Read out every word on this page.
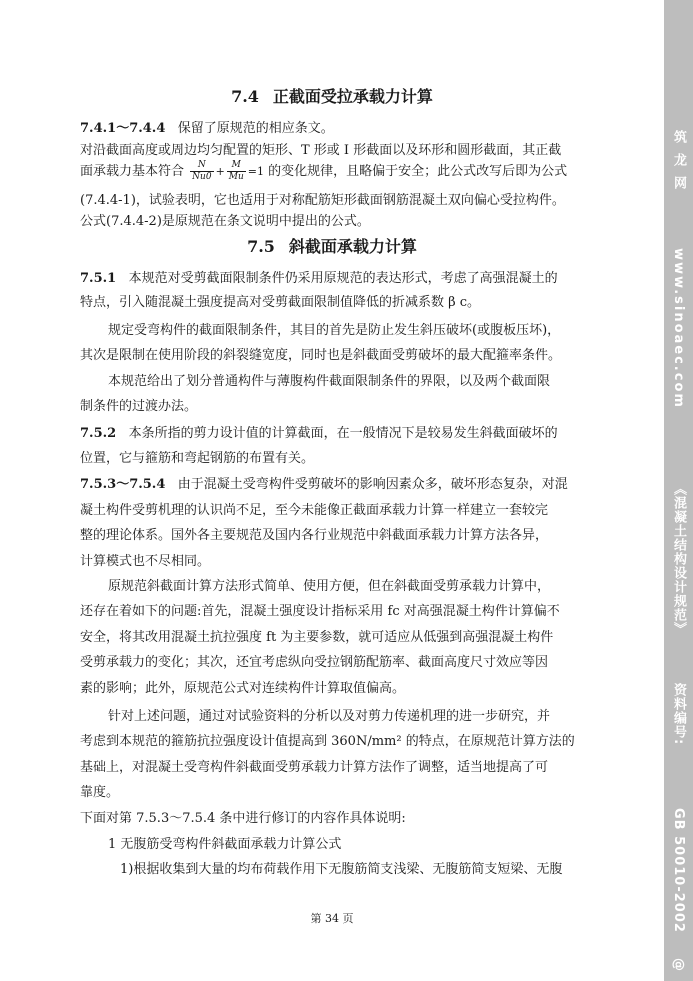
7.4 正截面受拉承载力计算
7.4.1～7.4.4 保留了原规范的相应条文。
对沿截面高度或周边均匀配置的矩形、T 形或 I 形截面以及环形和圆形截面，其正截
面承载力基本符合 $\frac{N}{Nu0} + \frac{M}{Mu} =1$ 的变化规律，且略偏于安全；此公式改写后即为公式
(7.4.4-1)，试验表明，它也适用于对称配筋矩形截面钢筋混凝土双向偏心受拉构件。
公式(7.4.4-2)是原规范在条文说明中提出的公式。
7.5 斜截面承载力计算
7.5.1 本规范对受剪截面限制条件仍采用原规范的表达形式，考虑了高强混凝土的
特点，引入随混凝土强度提高对受剪截面限制值降低的折减系数 β c。
规定受弯构件的截面限制条件，其目的首先是防止发生斜压破坏(或腹板压坏)，
其次是限制在使用阶段的斜裂缝宽度，同时也是斜截面受剪破坏的最大配箍率条件。
本规范给出了划分普通构件与薄腹构件截面限制条件的界限，以及两个截面限
制条件的过渡办法。
7.5.2 本条所指的剪力设计值的计算截面，在一般情况下是较易发生斜截面破坏的
位置，它与箍筋和弯起钢筋的布置有关。
7.5.3～7.5.4 由于混凝土受弯构件受剪破坏的影响因素众多，破坏形态复杂，对混
凝土构件受剪机理的认识尚不足，至今未能像正截面承载力计算一样建立一套较完
整的理论体系。国外各主要规范及国内各行业规范中斜截面承载力计算方法各异，
计算模式也不尽相同。
原规范斜截面计算方法形式简单、使用方便，但在斜截面受剪承载力计算中，
还存在着如下的问题:首先，混凝土强度设计指标采用 fc 对高强混凝土构件计算偏不
安全，将其改用混凝土抗拉强度 ft 为主要参数，就可适应从低强到高强混凝土构件
受剪承载力的变化；其次，还宜考虑纵向受拉钢筋配筋率、截面高度尺寸效应等因
素的影响；此外，原规范公式对连续构件计算取值偏高。
针对上述问题，通过对试验资料的分析以及对剪力传递机理的进一步研究，并
考虑到本规范的箍筋抗拉强度设计值提高到 360N/mm² 的特点，在原规范计算方法的
基础上，对混凝土受弯构件斜截面受剪承载力计算方法作了调整，适当地提高了可
靠度。
下面对第 7.5.3～7.5.4 条中进行修订的内容作具体说明:
1 无腹筋受弯构件斜截面承载力计算公式
1)根据收集到大量的均布荷载作用下无腹筋简支浅梁、无腹筋简支短梁、无腹
第 34 页
筑龙网
www.sinoaec.com
《混凝土结构设计规范》
资料编号:
GB 50010-2002
@
